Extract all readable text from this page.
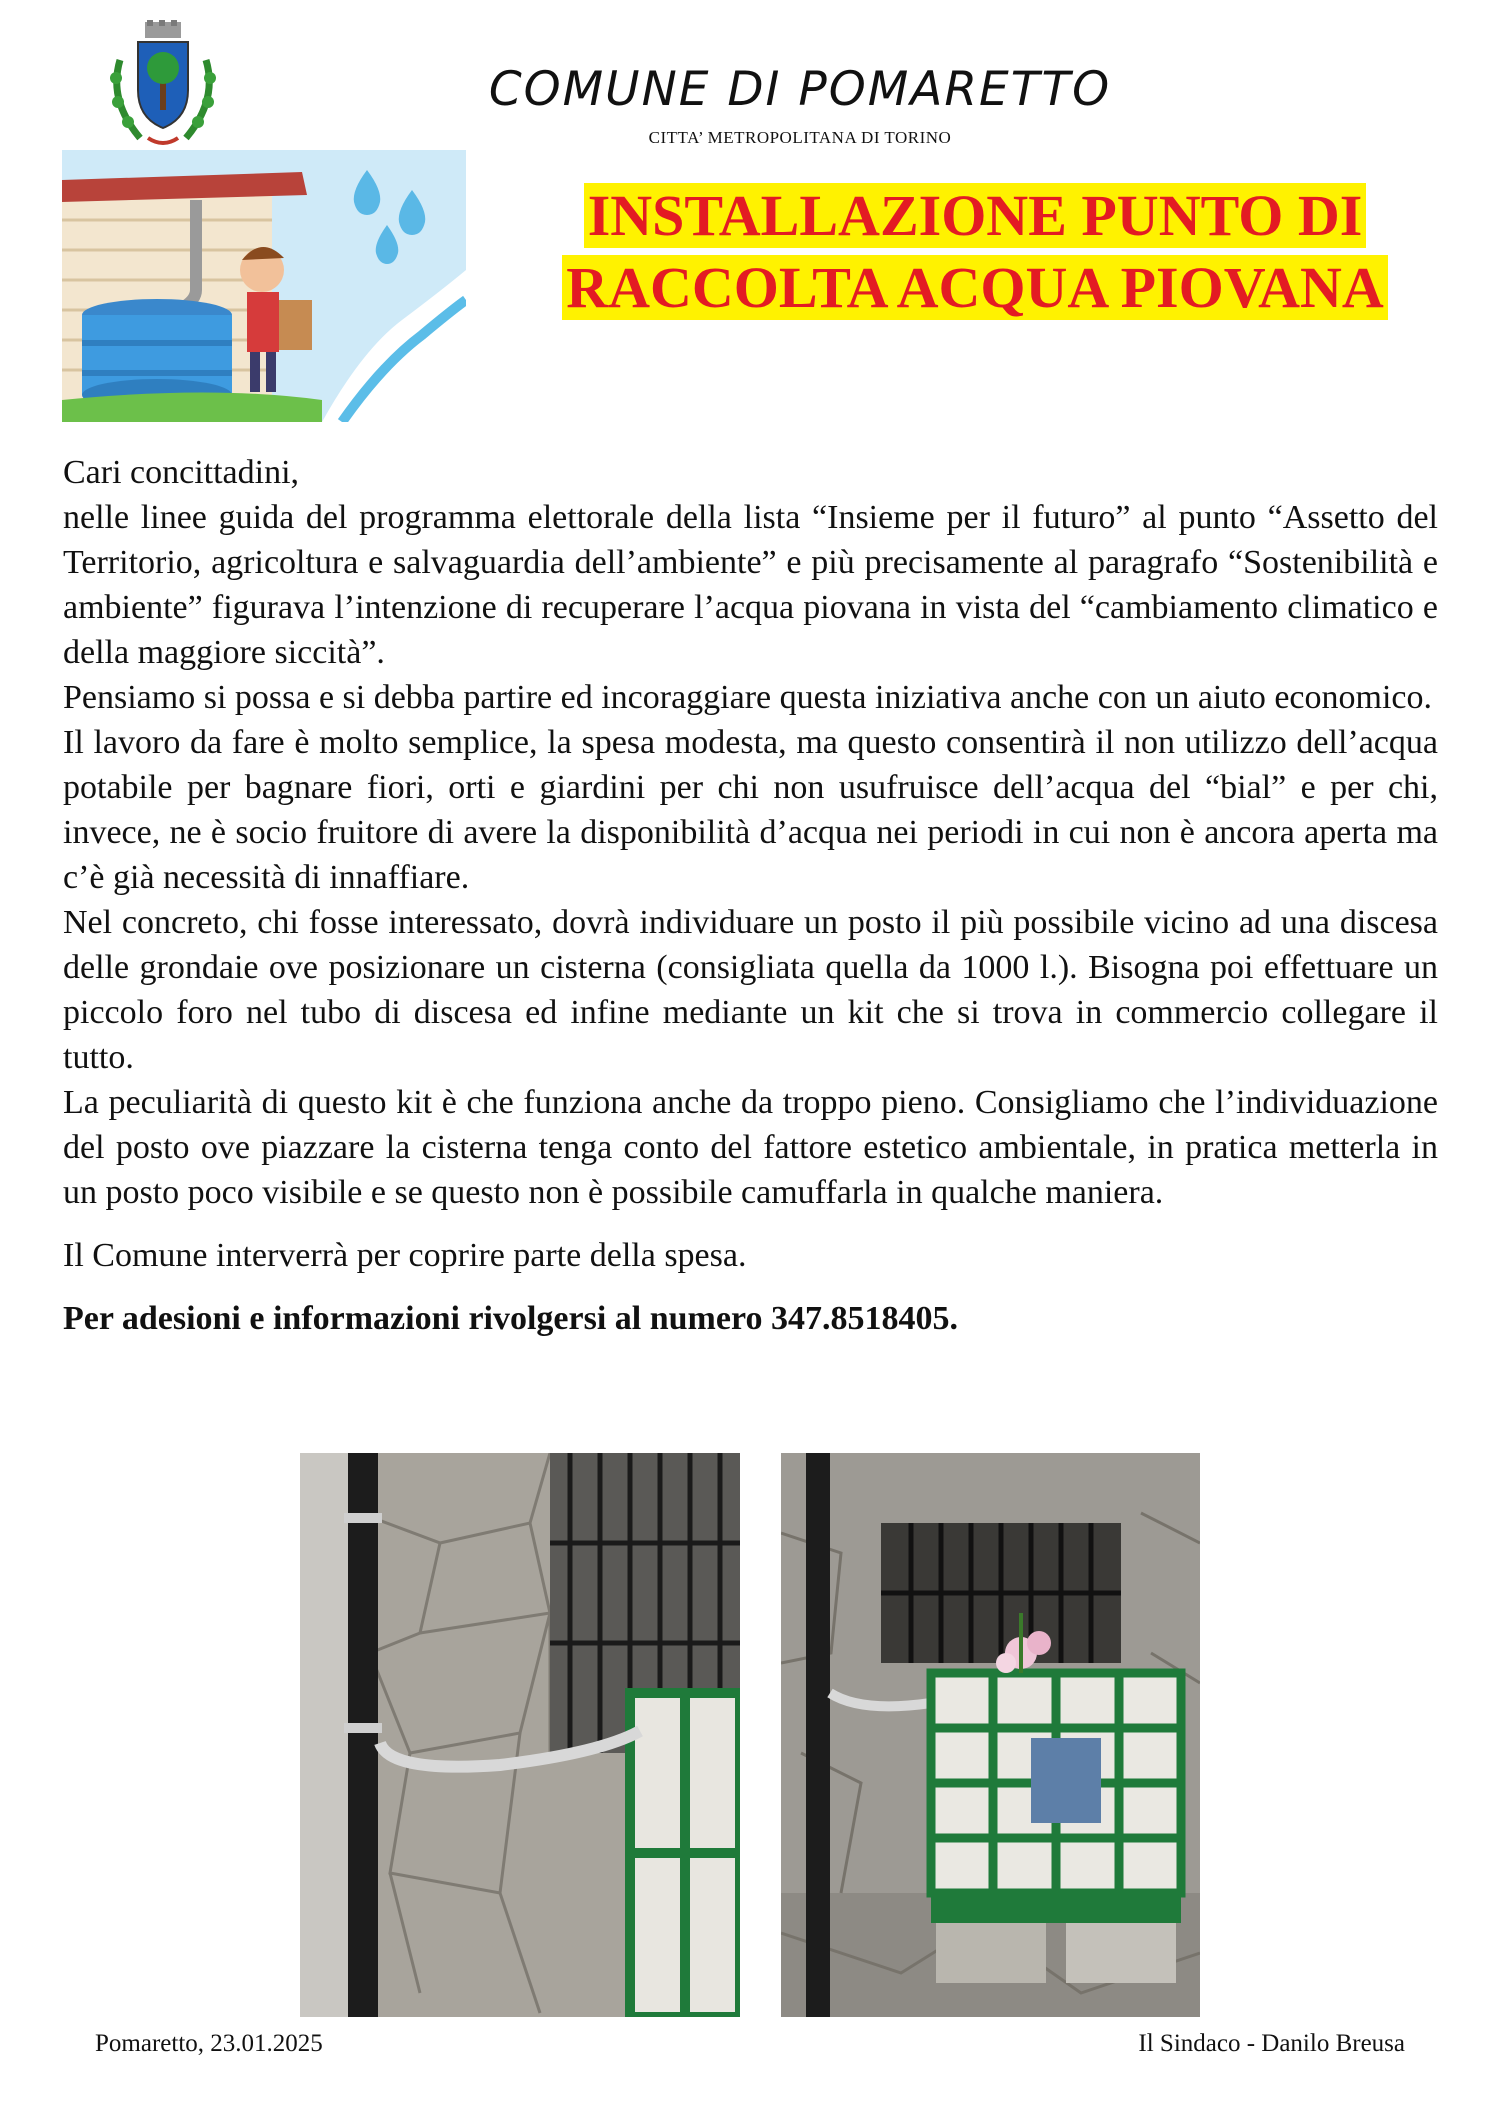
COMUNE DI POMARETTO
CITTA’ METROPOLITANA DI TORINO
INSTALLAZIONE PUNTO DI
RACCOLTA ACQUA PIOVANA

Cari concittadini,

nelle linee guida del programma elettorale della lista “Insieme per il futuro” al punto “Assetto del Territorio, agricoltura e salvaguardia dell’ambiente” e più precisamente al paragrafo “Sostenibilità e ambiente” figurava l’intenzione di recuperare l’acqua piovana in vista del “cambiamento climatico e della maggiore siccità”.

Pensiamo si possa e si debba partire ed incoraggiare questa iniziativa anche con un aiuto economico.

Il lavoro da fare è molto semplice, la spesa modesta, ma questo consentirà il non utilizzo dell’acqua potabile per bagnare fiori, orti e giardini per chi non usufruisce dell’acqua del “bial” e per chi, invece, ne è socio fruitore di avere la disponibilità d’acqua nei periodi in cui non è ancora aperta ma c’è già necessità di innaffiare.

Nel concreto, chi fosse interessato, dovrà individuare un posto il più possibile vicino ad una discesa delle grondaie ove posizionare un cisterna (consigliata quella da 1000 l.). Bisogna poi effettuare un piccolo foro nel tubo di discesa ed infine mediante un kit che si trova in commercio collegare il tutto.

La peculiarità di questo kit è che funziona anche da troppo pieno. Consigliamo che l’individuazione del posto ove piazzare la cisterna tenga conto del fattore estetico ambientale, in pratica metterla in un posto poco visibile e se questo non è possibile camuffarla in qualche maniera.

Il Comune interverrà per coprire parte della spesa.

Per adesioni e informazioni rivolgersi al numero 347.8518405.

Pomaretto, 23.01.2025	Il Sindaco - Danilo Breusa
